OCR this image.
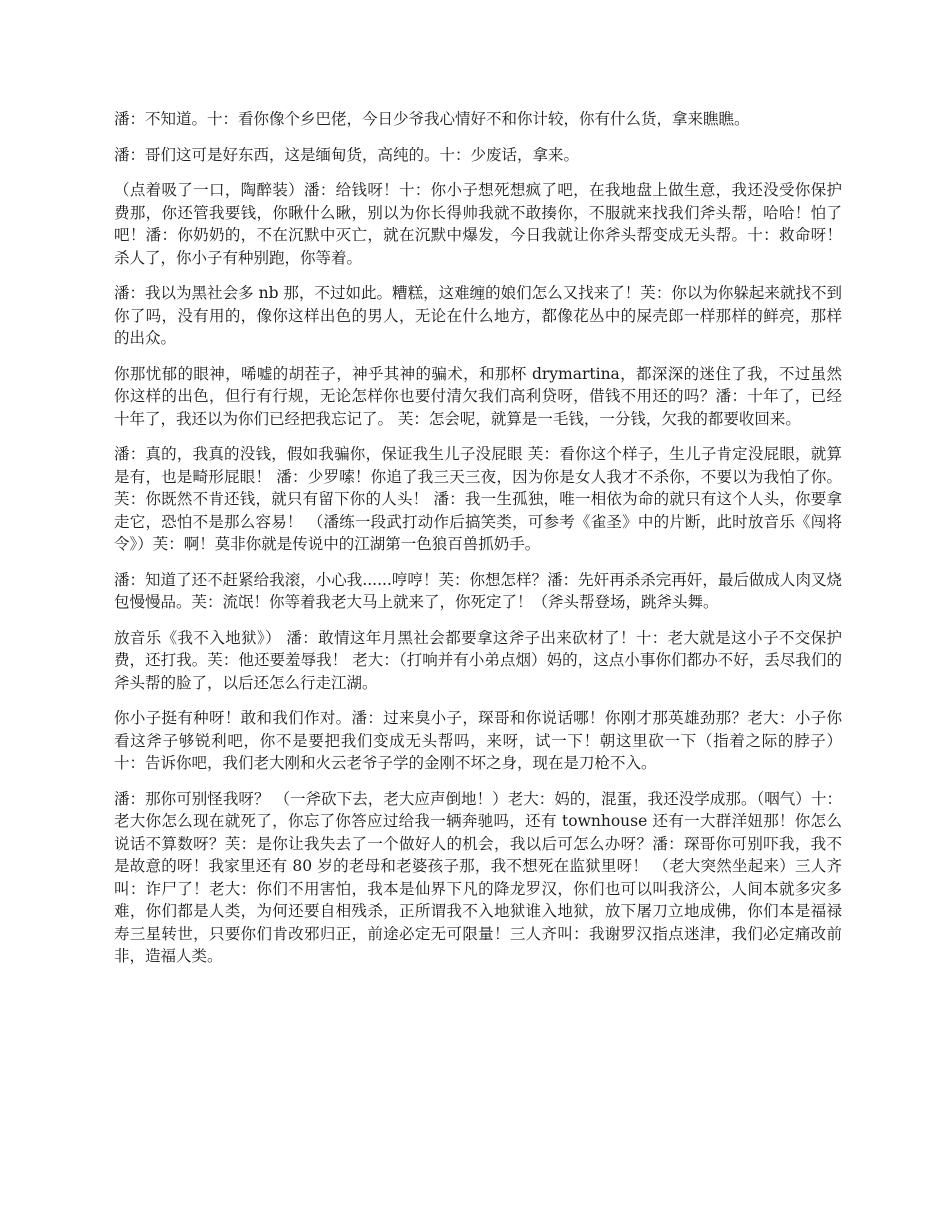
潘：不知道。十：看你像个乡巴佬，今日少爷我心情好不和你计较，你有什么货，拿来瞧瞧。

潘：哥们这可是好东西，这是缅甸货，高纯的。十：少废话，拿来。

（点着吸了一口，陶醉装）潘：给钱呀！十：你小子想死想疯了吧，在我地盘上做生意，我还没受你保护费那，你还管我要钱，你瞅什么瞅，别以为你长得帅我就不敢揍你，不服就来找我们斧头帮，哈哈！怕了吧！潘：你奶奶的，不在沉默中灭亡，就在沉默中爆发，今日我就让你斧头帮变成无头帮。十：救命呀！杀人了，你小子有种别跑，你等着。

潘：我以为黑社会多 nb 那，不过如此。糟糕，这难缠的娘们怎么又找来了！芙：你以为你躲起来就找不到你了吗，没有用的，像你这样出色的男人，无论在什么地方，都像花丛中的屎壳郎一样那样的鲜亮，那样的出众。

你那忧郁的眼神，唏嘘的胡茬子，神乎其神的骗术，和那杯 drymartina，都深深的迷住了我，不过虽然你这样的出色，但行有行规，无论怎样你也要付清欠我们高利贷呀，借钱不用还的吗？潘：十年了，已经十年了，我还以为你们已经把我忘记了。 芙：怎会呢，就算是一毛钱，一分钱，欠我的都要收回来。

潘：真的，我真的没钱，假如我骗你，保证我生儿子没屁眼 芙：看你这个样子，生儿子肯定没屁眼，就算是有，也是畸形屁眼！ 潘：少罗嗦！你追了我三天三夜，因为你是女人我才不杀你，不要以为我怕了你。芙：你既然不肯还钱，就只有留下你的人头！ 潘：我一生孤独，唯一相依为命的就只有这个人头，你要拿走它，恐怕不是那么容易！ （潘练一段武打动作后搞笑类，可参考《雀圣》中的片断，此时放音乐《闯将令》）芙：啊！莫非你就是传说中的江湖第一色狼百兽抓奶手。

潘：知道了还不赶紧给我滚，小心我......哼哼！芙：你想怎样？潘：先奸再杀杀完再奸，最后做成人肉叉烧包慢慢品。芙：流氓！你等着我老大马上就来了，你死定了！（斧头帮登场，跳斧头舞。

放音乐《我不入地狱》） 潘：敢情这年月黑社会都要拿这斧子出来砍材了！十：老大就是这小子不交保护费，还打我。芙：他还要羞辱我！ 老大：（打响并有小弟点烟）妈的，这点小事你们都办不好，丢尽我们的斧头帮的脸了，以后还怎么行走江湖。

你小子挺有种呀！敢和我们作对。潘：过来臭小子，琛哥和你说话哪！你刚才那英雄劲那？老大：小子你看这斧子够锐利吧，你不是要把我们变成无头帮吗，来呀，试一下！朝这里砍一下（指着之际的脖子）十：告诉你吧，我们老大刚和火云老爷子学的金刚不坏之身，现在是刀枪不入。

潘：那你可别怪我呀？ （一斧砍下去，老大应声倒地！）老大：妈的，混蛋，我还没学成那。（咽气）十：老大你怎么现在就死了，你忘了你答应过给我一辆奔驰吗，还有 townhouse 还有一大群洋妞那！你怎么说话不算数呀？芙：是你让我失去了一个做好人的机会，我以后可怎么办呀？潘：琛哥你可别吓我，我不是故意的呀！我家里还有 80 岁的老母和老婆孩子那，我不想死在监狱里呀！ （老大突然坐起来）三人齐叫：诈尸了！老大：你们不用害怕，我本是仙界下凡的降龙罗汉，你们也可以叫我济公，人间本就多灾多难，你们都是人类，为何还要自相残杀，正所谓我不入地狱谁入地狱，放下屠刀立地成佛，你们本是福禄寿三星转世，只要你们肯改邪归正，前途必定无可限量！三人齐叫：我谢罗汉指点迷津，我们必定痛改前非，造福人类。
